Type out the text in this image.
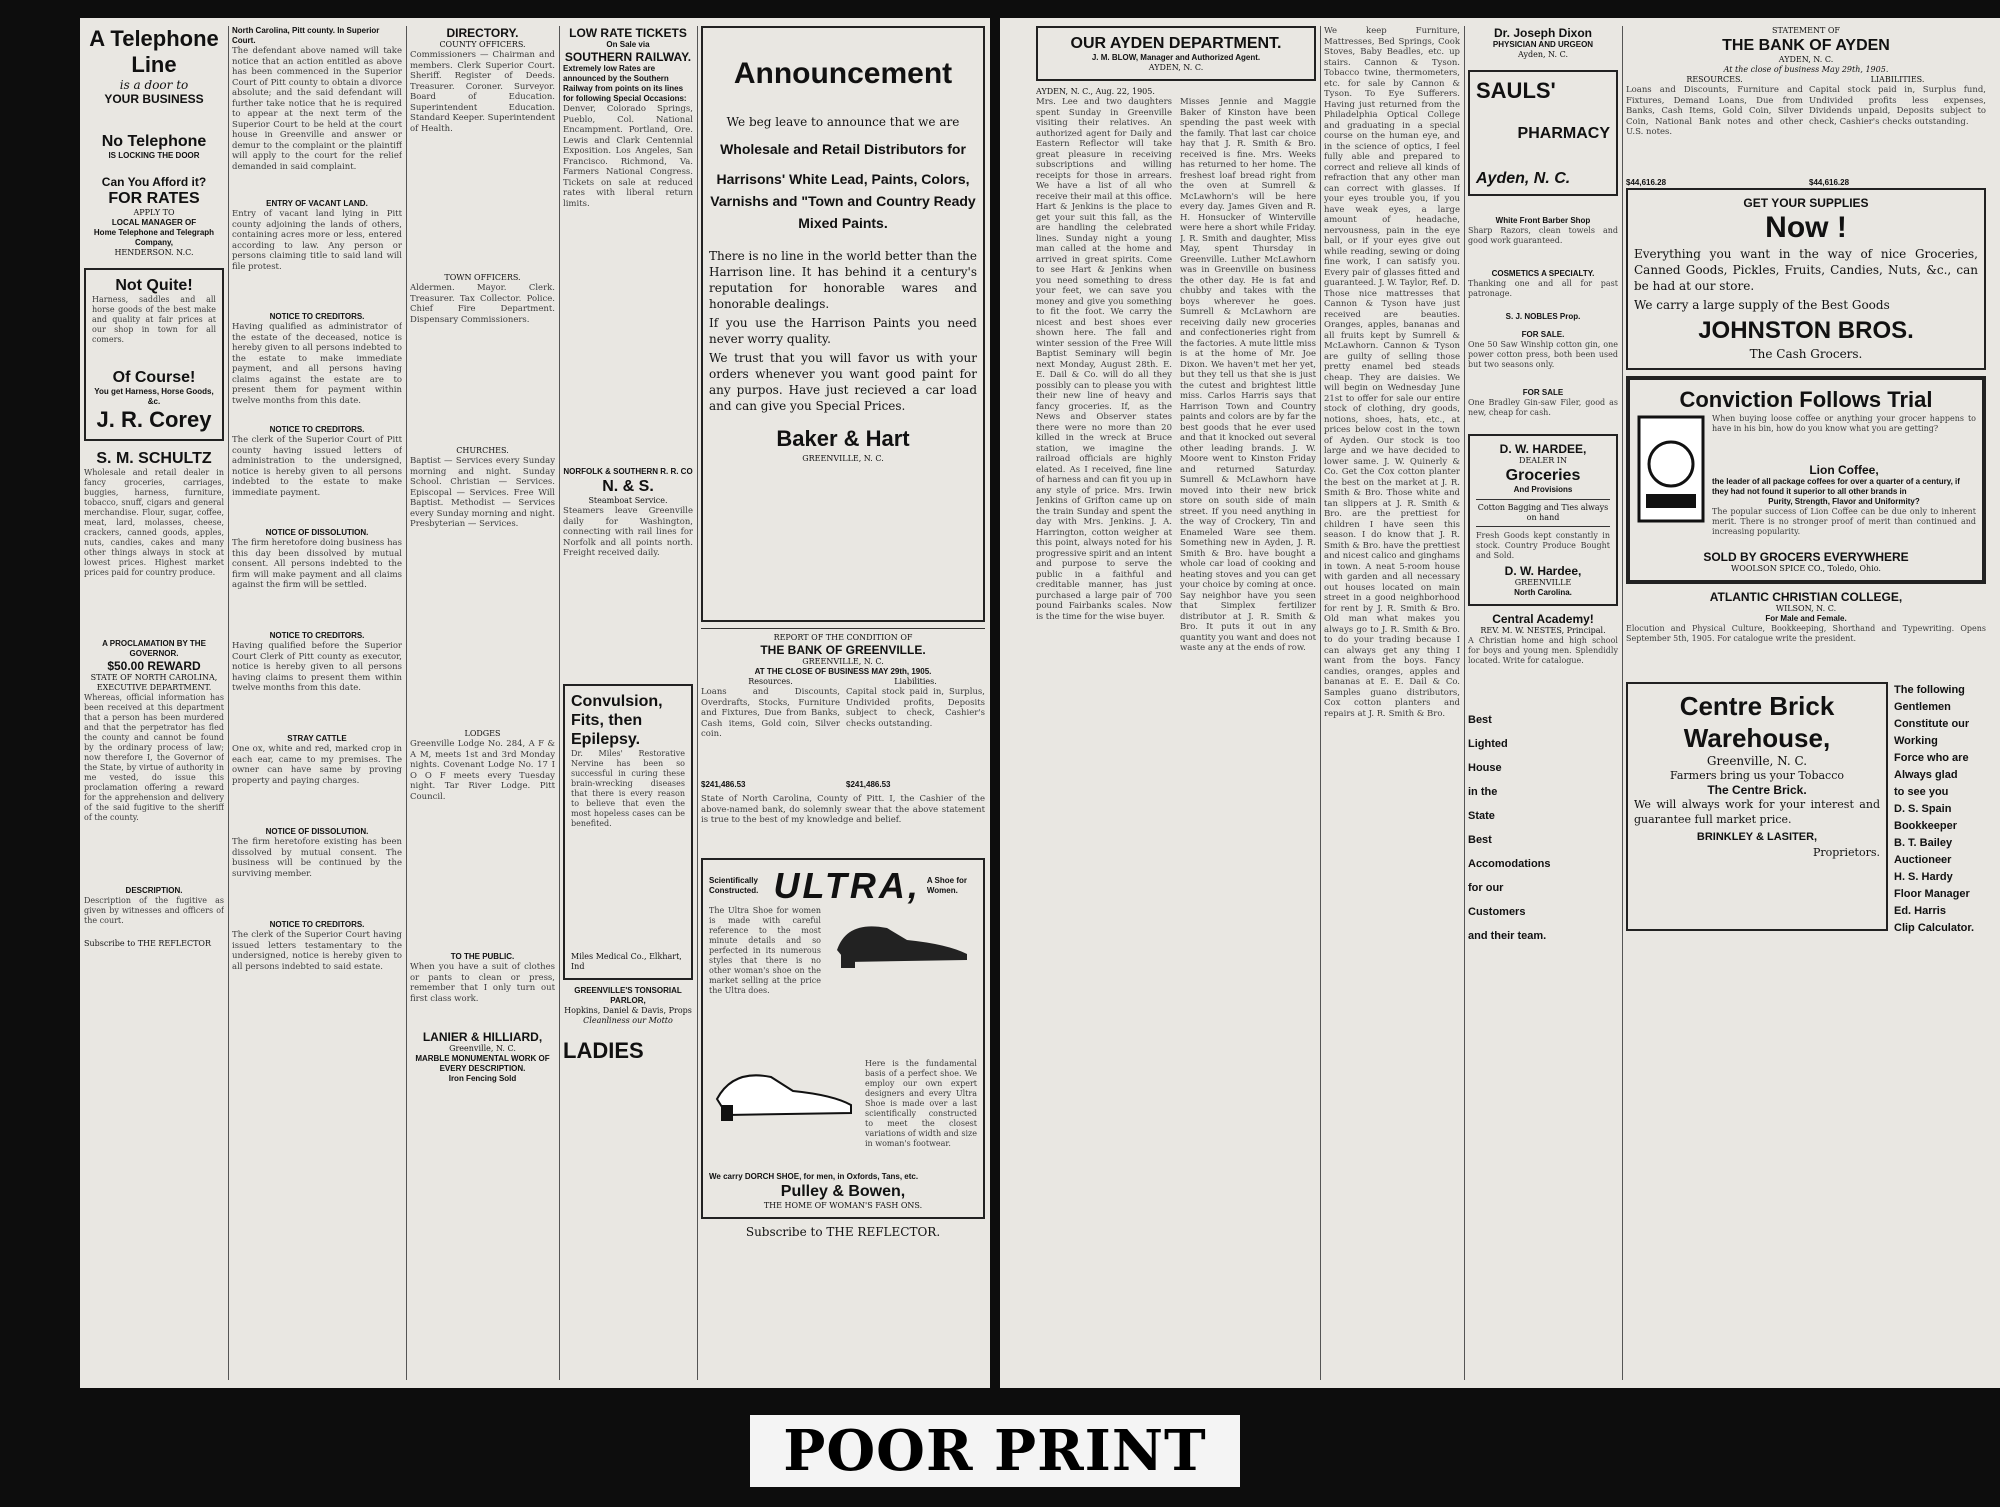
A Telephone Line
is a door to
YOUR BUSINESS
No Telephone
IS LOCKING THE DOOR
Can You Afford it?
FOR RATES
APPLY TO
LOCAL MANAGER OF
Home Telephone and Telegraph Company,
HENDERSON. N.C.
Not Quite!

Harness, saddles and all horse goods of the best make and quality at fair prices at our shop in town for all comers.

Of Course!
You get Harness, Horse Goods, &c.
J. R. Corey
S. M. SCHULTZ

Wholesale and retail dealer in fancy groceries, carriages, buggies, harness, furniture, tobacco, snuff, cigars and general merchandise. Flour, sugar, coffee, meat, lard, molasses, cheese, crackers, canned goods, apples, nuts, candies, cakes and many other things always in stock at lowest prices. Highest market prices paid for country produce.

A PROCLAMATION BY THE GOVERNOR.
$50.00 REWARD
STATE OF NORTH CAROLINA, EXECUTIVE DEPARTMENT.

Whereas, official information has been received at this department that a person has been murdered and that the perpetrator has fled the county and cannot be found by the ordinary process of law; now therefore I, the Governor of the State, by virtue of authority in me vested, do issue this proclamation offering a reward for the apprehension and delivery of the said fugitive to the sheriff of the county.

DESCRIPTION.

Description of the fugitive as given by witnesses and officers of the court.

Subscribe to THE REFLECTOR
North Carolina, Pitt county. In Superior Court.

The defendant above named will take notice that an action entitled as above has been commenced in the Superior Court of Pitt county to obtain a divorce absolute; and the said defendant will further take notice that he is required to appear at the next term of the Superior Court to be held at the court house in Greenville and answer or demur to the complaint or the plaintiff will apply to the court for the relief demanded in said complaint.

ENTRY OF VACANT LAND.

Entry of vacant land lying in Pitt county adjoining the lands of others, containing acres more or less, entered according to law. Any person or persons claiming title to said land will file protest.

NOTICE TO CREDITORS.

Having qualified as administrator of the estate of the deceased, notice is hereby given to all persons indebted to the estate to make immediate payment, and all persons having claims against the estate are to present them for payment within twelve months from this date.

NOTICE TO CREDITORS.

The clerk of the Superior Court of Pitt county having issued letters of administration to the undersigned, notice is hereby given to all persons indebted to the estate to make immediate payment.

NOTICE OF DISSOLUTION.

The firm heretofore doing business has this day been dissolved by mutual consent. All persons indebted to the firm will make payment and all claims against the firm will be settled.

NOTICE TO CREDITORS.

Having qualified before the Superior Court Clerk of Pitt county as executor, notice is hereby given to all persons having claims to present them within twelve months from this date.

STRAY CATTLE

One ox, white and red, marked crop in each ear, came to my premises. The owner can have same by proving property and paying charges.

NOTICE OF DISSOLUTION.

The firm heretofore existing has been dissolved by mutual consent. The business will be continued by the surviving member.

NOTICE TO CREDITORS.

The clerk of the Superior Court having issued letters testamentary to the undersigned, notice is hereby given to all persons indebted to said estate.

DIRECTORY.
COUNTY OFFICERS.

Commissioners — Chairman and members. Clerk Superior Court. Sheriff. Register of Deeds. Treasurer. Coroner. Surveyor. Board of Education. Superintendent Education. Standard Keeper. Superintendent of Health.

TOWN OFFICERS.

Aldermen. Mayor. Clerk. Treasurer. Tax Collector. Police. Chief Fire Department. Dispensary Commissioners.

CHURCHES.

Baptist — Services every Sunday morning and night. Sunday School. Christian — Services. Episcopal — Services. Free Will Baptist. Methodist — Services every Sunday morning and night. Presbyterian — Services.

LODGES

Greenville Lodge No. 284, A F & A M, meets 1st and 3rd Monday nights. Covenant Lodge No. 17 I O O F meets every Tuesday night. Tar River Lodge. Pitt Council.

TO THE PUBLIC.

When you have a suit of clothes or pants to clean or press, remember that I only turn out first class work.

LANIER & HILLIARD,
Greenville, N. C.
MARBLE MONUMENTAL WORK OF EVERY DESCRIPTION.
Iron Fencing Sold
LOW RATE TICKETS
On Sale via
SOUTHERN RAILWAY.
Extremely low Rates are announced by the Southern Railway from points on its lines for following Special Occasions:

Denver, Colorado Springs, Pueblo, Col. National Encampment. Portland, Ore. Lewis and Clark Centennial Exposition. Los Angeles, San Francisco. Richmond, Va. Farmers National Congress. Tickets on sale at reduced rates with liberal return limits.

NORFOLK & SOUTHERN R. R. CO
N. & S.
Steamboat Service.

Steamers leave Greenville daily for Washington, connecting with rail lines for Norfolk and all points north. Freight received daily.

Convulsion, Fits, then Epilepsy.

Dr. Miles' Restorative Nervine has been so successful in curing these brain-wrecking diseases that there is every reason to believe that even the most hopeless cases can be benefited.

Miles Medical Co., Elkhart, Ind
GREENVILLE'S TONSORIAL PARLOR,
Hopkins, Daniel & Davis, Props
Cleanliness our Motto
LADIES
Announcement
We beg leave to announce that we are
Wholesale and Retail Distributors for
Harrisons' White Lead, Paints, Colors, Varnishs and "Town and Country Ready Mixed Paints.

There is no line in the world better than the Harrison line. It has behind it a century's reputation for honorable wares and honorable dealings.

If you use the Harrison Paints you need never worry quality.

We trust that you will favor us with your orders whenever you want good paint for any purpos. Have just recieved a car load and can give you Special Prices.

Baker & Hart
GREENVILLE, N. C.
REPORT OF THE CONDITION OF
THE BANK OF GREENVILLE.
GREENVILLE, N. C.
AT THE CLOSE OF BUSINESS MAY 29th, 1905.
Resources.

Loans and Discounts, Overdrafts, Stocks, Furniture and Fixtures, Due from Banks, Cash items, Gold coin, Silver coin.

$241,486.53
Liabilities.

Capital stock paid in, Surplus, Undivided profits, Deposits subject to check, Cashier's checks outstanding.

$241,486.53

State of North Carolina, County of Pitt. I, the Cashier of the above-named bank, do solemnly swear that the above statement is true to the best of my knowledge and belief.

Scientifically Constructed. ULTRA, A Shoe for Women.

The Ultra Shoe for women is made with careful reference to the most minute details and so perfected in its numerous styles that there is no other woman's shoe on the market selling at the price the Ultra does.

Here is the fundamental basis of a perfect shoe. We employ our own expert designers and every Ultra Shoe is made over a last scientifically constructed to meet the closest variations of width and size in woman's footwear.

We carry DORCH SHOE, for men, in Oxfords, Tans, etc.
Pulley & Bowen,
THE HOME OF WOMAN'S FASH ONS.
Subscribe to THE REFLECTOR.
OUR AYDEN DEPARTMENT.
J. M. BLOW, Manager and Authorized Agent.
AYDEN, N. C.
AYDEN, N. C., Aug. 22, 1905.

Mrs. Lee and two daughters spent Sunday in Greenville visiting their relatives. An authorized agent for Daily and Eastern Reflector will take great pleasure in receiving subscriptions and willing receipts for those in arrears. We have a list of all who receive their mail at this office. Hart & Jenkins is the place to get your suit this fall, as the are handling the celebrated lines. Sunday night a young man called at the home and arrived in great spirits. Come to see Hart & Jenkins when you need something to dress your feet, we can save you money and give you something to fit the foot. We carry the nicest and best shoes ever shown here. The fall and winter session of the Free Will Baptist Seminary will begin next Monday, August 28th. E. E. Dail & Co. will do all they possibly can to please you with their new line of heavy and fancy groceries. If, as the News and Observer states there were no more than 20 killed in the wreck at Bruce station, we imagine the railroad officials are highly elated. As I received, fine line of harness and can fit you up in any style of price. Mrs. Irwin Jenkins of Grifton came up on the train Sunday and spent the day with Mrs. Jenkins. J. A. Harrington, cotton weigher at this point, always noted for his progressive spirit and an intent and purpose to serve the public in a faithful and creditable manner, has just purchased a large pair of 700 pound Fairbanks scales. Now is the time for the wise buyer.

Misses Jennie and Maggie Baker of Kinston have been spending the past week with the family. That last car choice hay that J. R. Smith & Bro. received is fine. Mrs. Weeks has returned to her home. The freshest loaf bread right from the oven at Sumrell & McLawhorn's will be here every day. James Given and R. H. Honsucker of Winterville were here a short while Friday. J. R. Smith and daughter, Miss May, spent Thursday in Greenville. Luther McLawhorn was in Greenville on business the other day. He is fat and chubby and takes with the boys wherever he goes. Sumrell & McLawhorn are receiving daily new groceries and confectioneries right from the factories. A mute little miss is at the home of Mr. Joe Dixon. We haven't met her yet, but they tell us that she is just the cutest and brightest little miss. Carlos Harris says that Harrison Town and Country paints and colors are by far the best goods that he ever used and that it knocked out several other leading brands. J. W. Moore went to Kinston Friday and returned Saturday. Sumrell & McLawhorn have moved into their new brick store on south side of main street. If you need anything in the way of Crockery, Tin and Enameled Ware see them. Something new in Ayden, J. R. Smith & Bro. have bought a whole car load of cooking and heating stoves and you can get your choice by coming at once. Say neighbor have you seen that Simplex fertilizer distributor at J. R. Smith & Bro. It puts it out in any quantity you want and does not waste any at the ends of row.

We keep Furniture, Mattresses, Bed Springs, Cook Stoves, Baby Beadles, etc. up stairs. Cannon & Tyson. Tobacco twine, thermometers, etc. for sale by Cannon & Tyson. To Eye Sufferers. Having just returned from the Philadelphia Optical College and graduating in a special course on the human eye, and in the science of optics, I feel fully able and prepared to correct and relieve all kinds of refraction that any other man can correct with glasses. If your eyes trouble you, if you have weak eyes, a large amount of headache, nervousness, pain in the eye ball, or if your eyes give out while reading, sewing or doing fine work, I can satisfy you. Every pair of glasses fitted and guaranteed. J. W. Taylor, Ref. D. Those nice mattresses that Cannon & Tyson have just received are beauties. Oranges, apples, bananas and all fruits kept by Sumrell & McLawhorn. Cannon & Tyson are guilty of selling those pretty enamel bed steads cheap. They are daisies. We will begin on Wednesday June 21st to offer for sale our entire stock of clothing, dry goods, notions, shoes, hats, etc., at prices below cost in the town of Ayden. Our stock is too large and we have decided to lower same. J. W. Quinerly & Co. Get the Cox cotton planter the best on the market at J. R. Smith & Bro. Those white and tan slippers at J. R. Smith & Bro. are the prettiest for children I have seen this season. I do know that J. R. Smith & Bro. have the prettiest and nicest calico and ginghams in town. A neat 5-room house with garden and all necessary out houses located on main street in a good neighborhood for rent by J. R. Smith & Bro. Old man what makes you always go to J. R. Smith & Bro. to do your trading because I can always get any thing I want from the boys. Fancy candies, oranges, apples and bananas at E. E. Dail & Co. Samples guano distributors, Cox cotton planters and repairs at J. R. Smith & Bro.

Dr. Joseph Dixon
PHYSICIAN AND URGEON
Ayden, N. C.
SAULS'
PHARMACY
Ayden, N. C.
White Front Barber Shop

Sharp Razors, clean towels and good work guaranteed.

COSMETICS A SPECIALTY.

Thanking one and all for past patronage.

S. J. NOBLES Prop.
FOR SALE.

One 50 Saw Winship cotton gin, one power cotton press, both been used but two seasons only.

FOR SALE

One Bradley Gin-saw Filer, good as new, cheap for cash.

D. W. HARDEE,
DEALER IN
Groceries
And Provisions
Cotton Bagging and Ties always on hand

Fresh Goods kept constantly in stock. Country Produce Bought and Sold.

D. W. Hardee,
GREENVILLE
North Carolina.
Central Academy!
REV. M. W. NESTES, Principal.

A Christian home and high school for boys and young men. Splendidly located. Write for catalogue.

Best
Lighted
House
in the
State
Best
Accomodations
for our
Customers
and their team.
STATEMENT OF
THE BANK OF AYDEN
AYDEN, N. C.
At the close of business May 29th, 1905.
RESOURCES.

Loans and Discounts, Furniture and Fixtures, Demand Loans, Due from Banks, Cash Items, Gold Coin, Silver Coin, National Bank notes and other U.S. notes.

$44,616.28
LIABILITIES.

Capital stock paid in, Surplus fund, Undivided profits less expenses, Dividends unpaid, Deposits subject to check, Cashier's checks outstanding.

$44,616.28
GET YOUR SUPPLIES
Now !

Everything you want in the way of nice Groceries, Canned Goods, Pickles, Fruits, Candies, Nuts, &c., can be had at our store.

We carry a large supply of the Best Goods

JOHNSTON BROS.
The Cash Grocers.
Conviction Follows Trial

When buying loose coffee or anything your grocer happens to have in his bin, how do you know what you are getting?

Lion Coffee,
the leader of all package coffees for over a quarter of a century, if they had not found it superior to all other brands in
Purity, Strength, Flavor and Uniformity?

The popular success of Lion Coffee can be due only to inherent merit. There is no stronger proof of merit than continued and increasing popularity.

SOLD BY GROCERS EVERYWHERE
WOOLSON SPICE CO., Toledo, Ohio.
ATLANTIC CHRISTIAN COLLEGE,
WILSON, N. C.
For Male and Female.

Elocution and Physical Culture, Bookkeeping, Shorthand and Typewriting. Opens September 5th, 1905. For catalogue write the president.

Centre Brick Warehouse,
Greenville, N. C.
Farmers bring us your Tobacco
The Centre Brick.

We will always work for your interest and guarantee full market price.

BRINKLEY & LASITER,
Proprietors.
The following
Gentlemen
Constitute our
Working
Force who are
Always glad
to see you
D. S. Spain
Bookkeeper
B. T. Bailey
Auctioneer
H. S. Hardy
Floor Manager
Ed. Harris
Clip Calculator.
POOR PRINT
